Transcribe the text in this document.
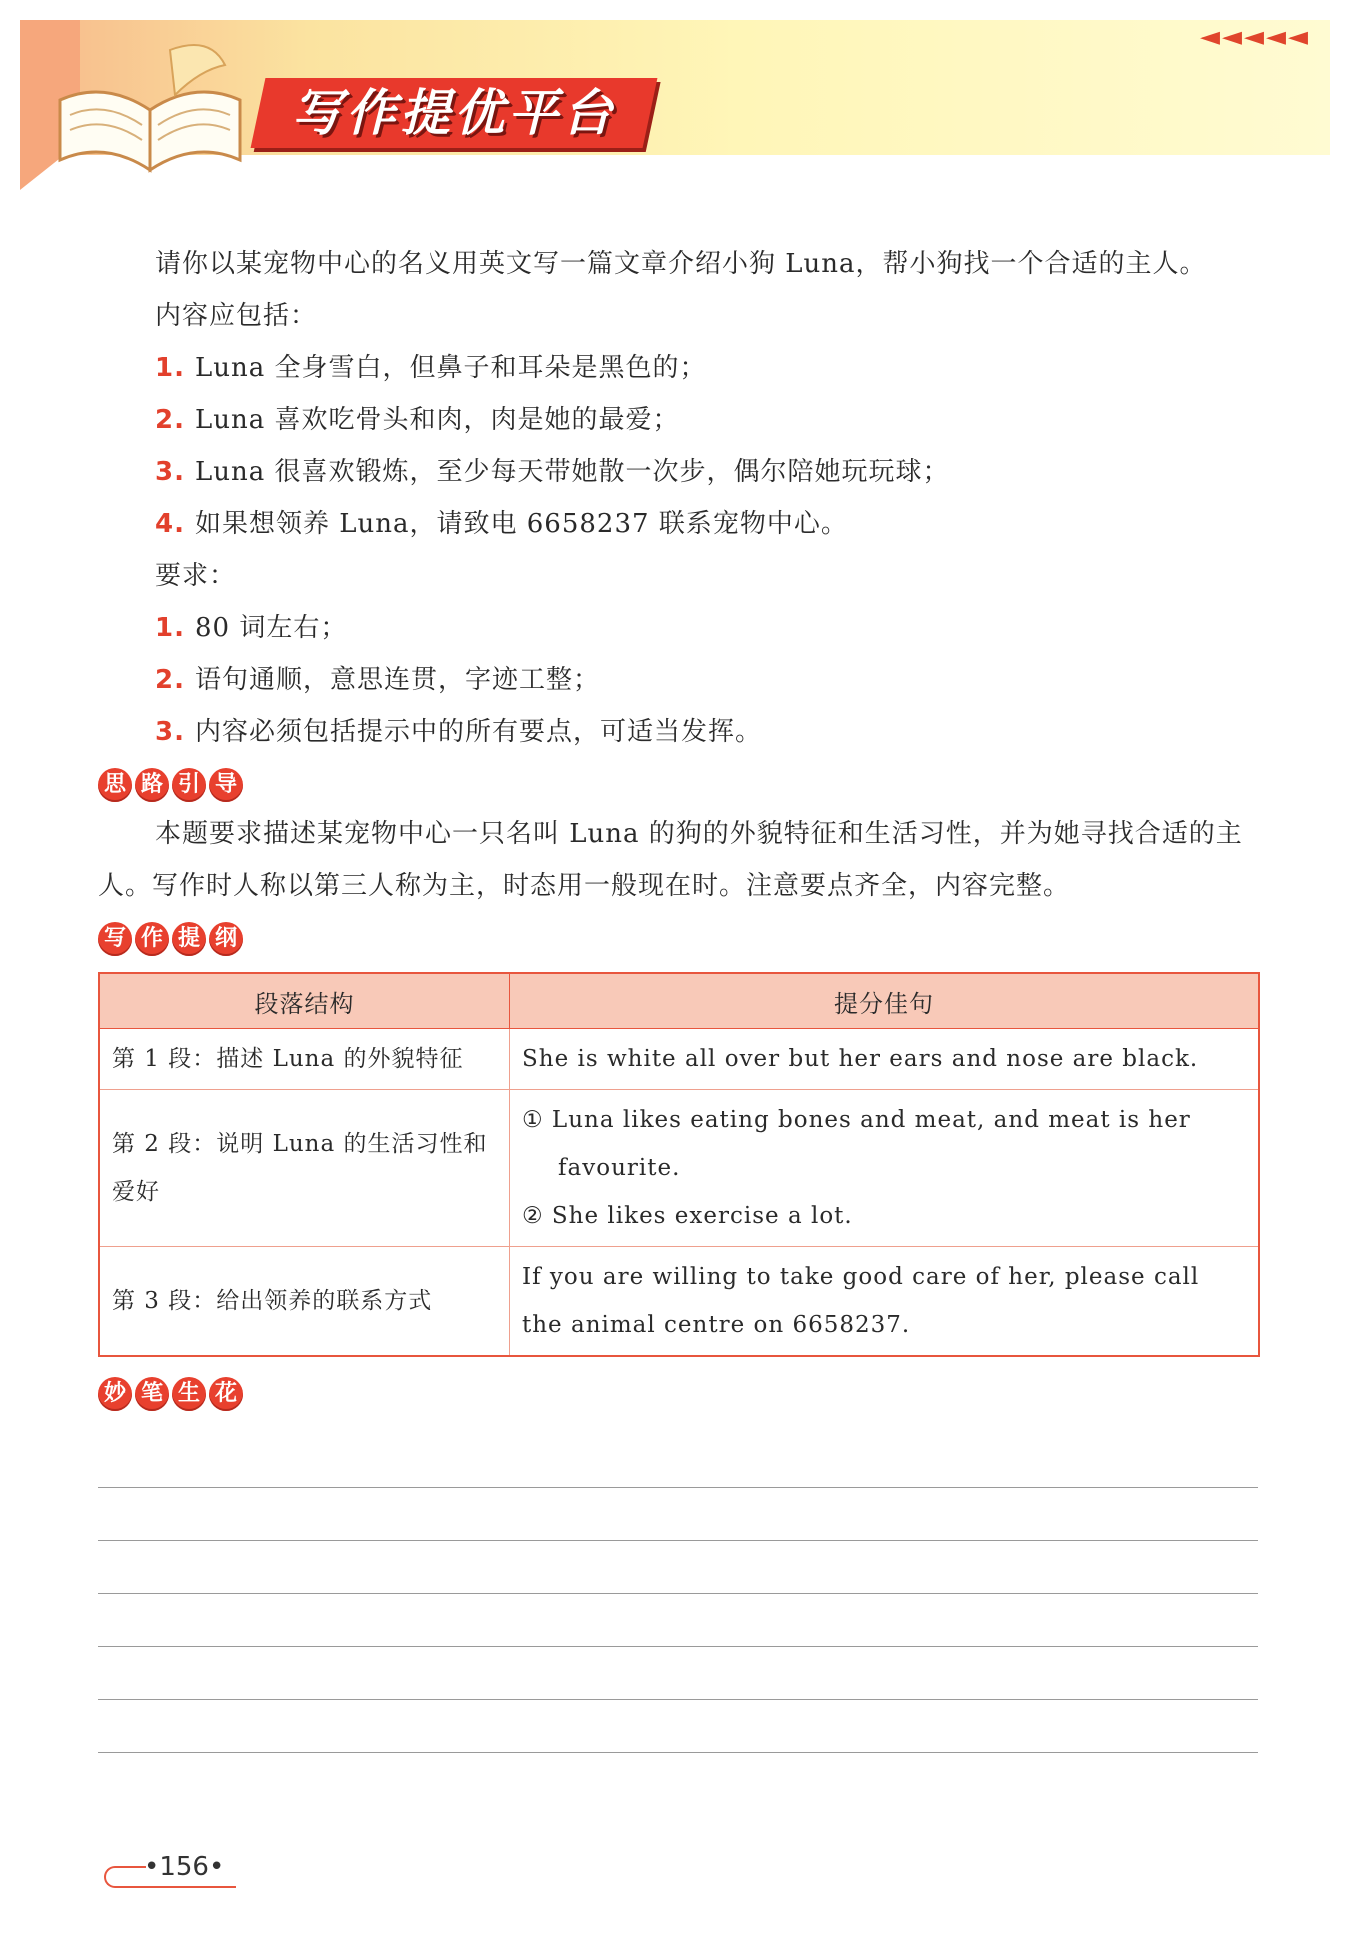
◄◄◄◄◄
写作提优平台

请你以某宠物中心的名义用英文写一篇文章介绍小狗 Luna，帮小狗找一个合适的主人。

内容应包括：
1. Luna 全身雪白，但鼻子和耳朵是黑色的；
2. Luna 喜欢吃骨头和肉，肉是她的最爱；
3. Luna 很喜欢锻炼，至少每天带她散一次步，偶尔陪她玩玩球；
4. 如果想领养 Luna，请致电 6658237 联系宠物中心。
要求：
1. 80 词左右；
2. 语句通顺，意思连贯，字迹工整；
3. 内容必须包括提示中的所有要点，可适当发挥。
思 路 引 导

本题要求描述某宠物中心一只名叫 Luna 的狗的外貌特征和生活习性，并为她寻找合适的主人。写作时人称以第三人称为主，时态用一般现在时。注意要点齐全，内容完整。

写 作 提 纲
段落结构	提分佳句
第 1 段：描述 Luna 的外貌特征	She is white all over but her ears and nose are black.

第 2 段：说明 Luna 的生活习性和爱好	① Luna likes eating bones and meat, and meat is her favourite.
② She likes exercise a lot.

第 3 段：给出领养的联系方式	If you are willing to take good care of her, please call the animal centre on 6658237.
妙 笔 生 花
•156•
